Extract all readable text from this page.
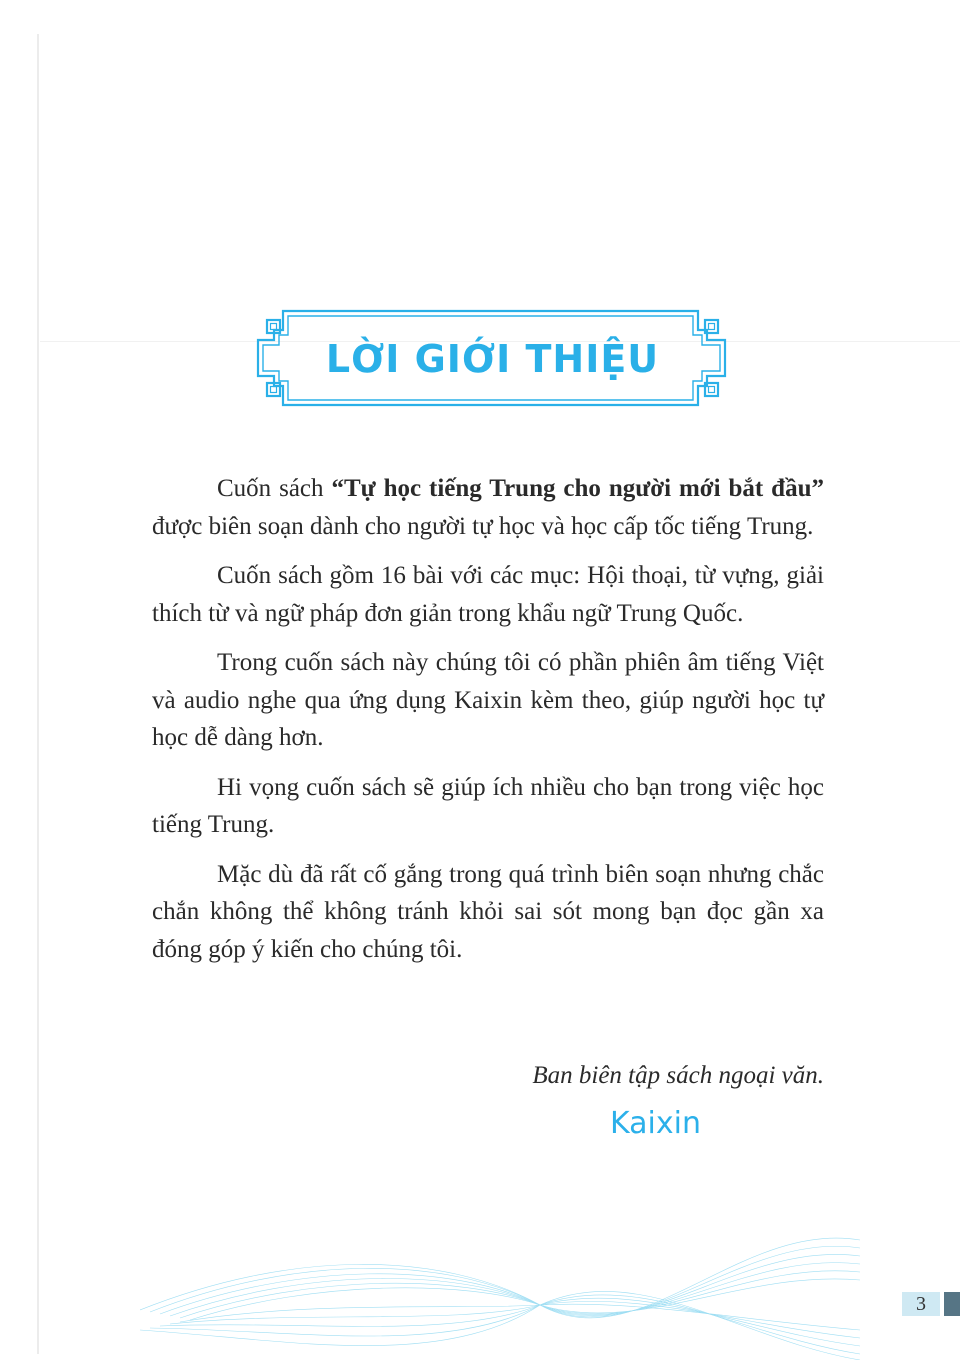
LỜI GIỚI THIỆU

Cuốn sách “Tự học tiếng Trung cho người mới bắt đầu” được biên soạn dành cho người tự học và học cấp tốc tiếng Trung.

Cuốn sách gồm 16 bài với các mục: Hội thoại, từ vựng, giải thích từ và ngữ pháp đơn giản trong khẩu ngữ Trung Quốc.

Trong cuốn sách này chúng tôi có phần phiên âm tiếng Việt và audio nghe qua ứng dụng Kaixin kèm theo, giúp người học tự học dễ dàng hơn.

Hi vọng cuốn sách sẽ giúp ích nhiều cho bạn trong việc học tiếng Trung.

Mặc dù đã rất cố gắng trong quá trình biên soạn nhưng chắc chắn không thể không tránh khỏi sai sót mong bạn đọc gần xa đóng góp ý kiến cho chúng tôi.

Ban biên tập sách ngoại văn.
Kaixin
3
